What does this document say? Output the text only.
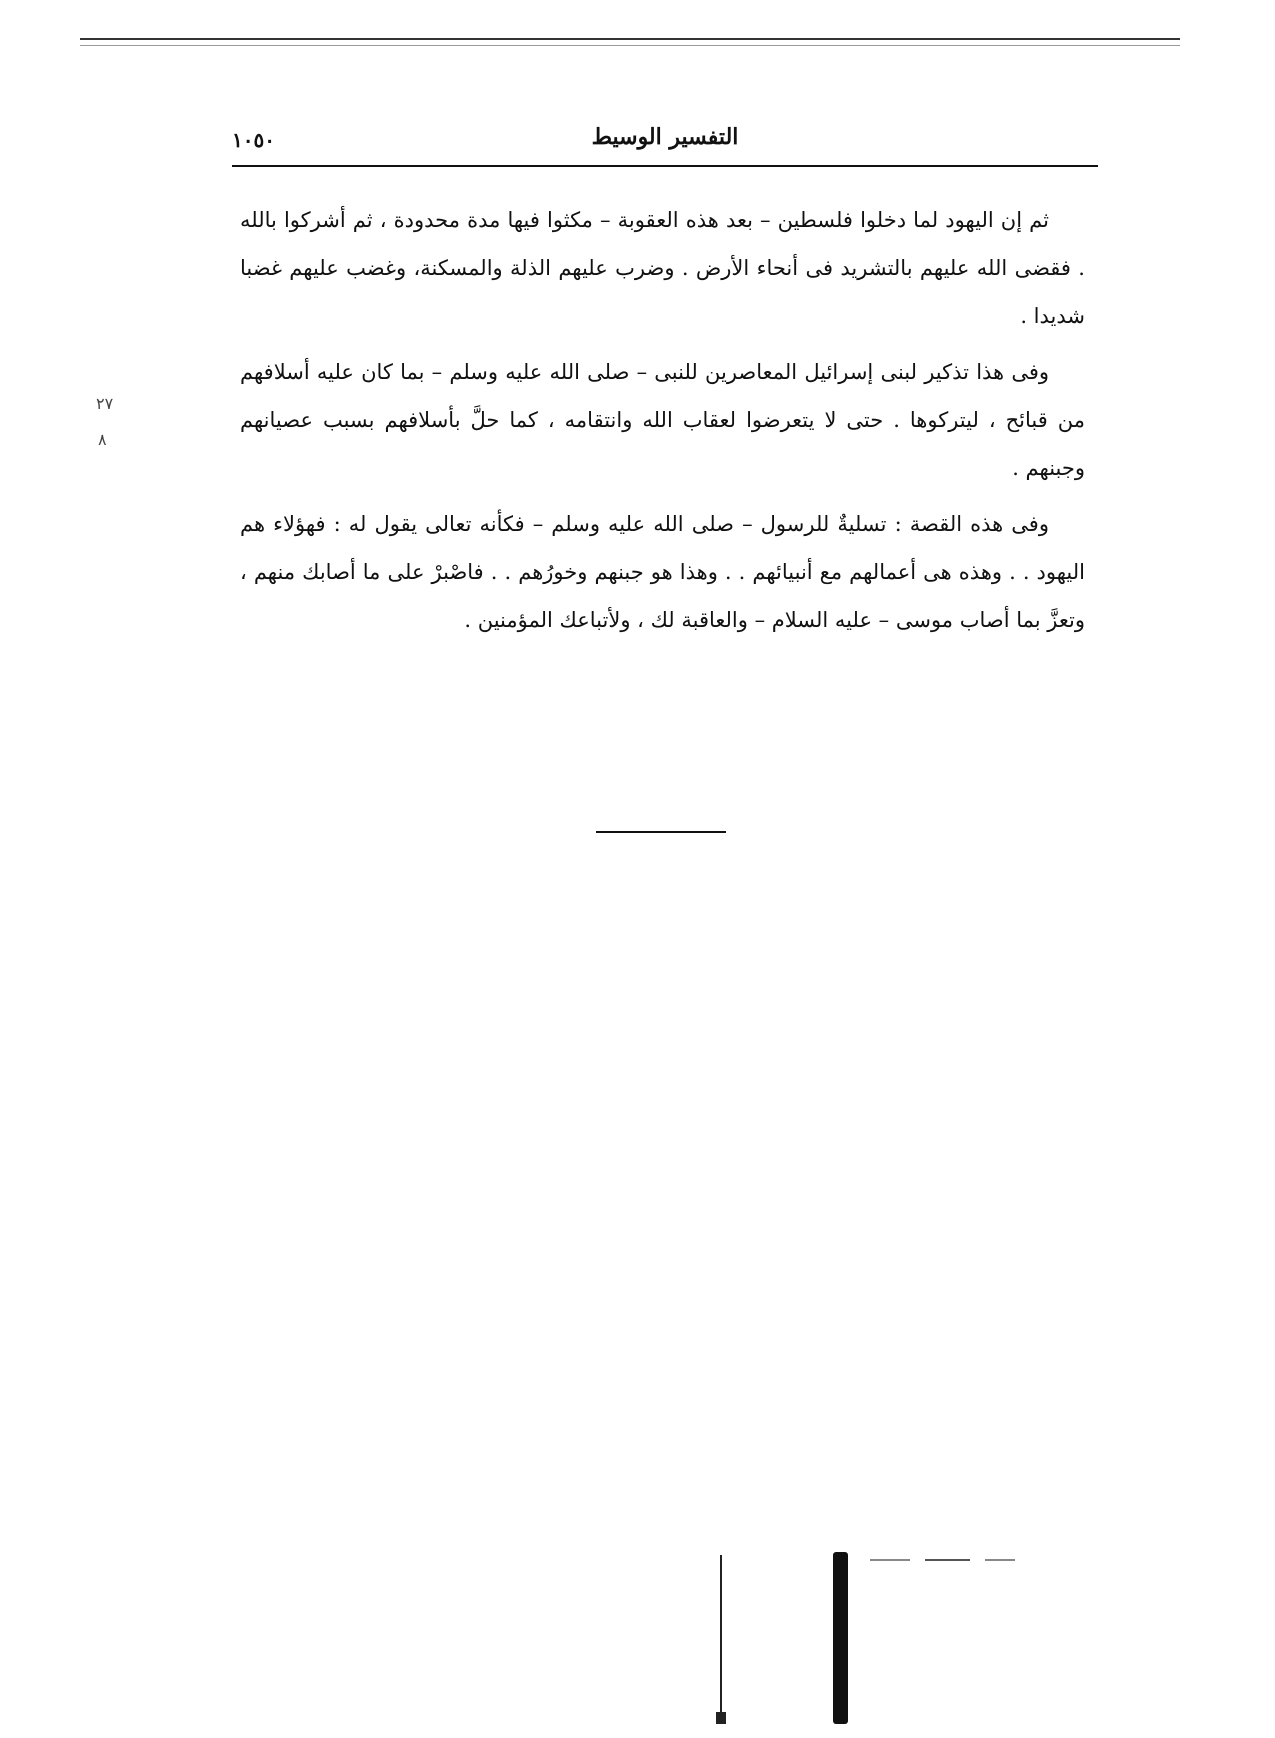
التفسير الوسيط
١٠٥٠

ثم إن اليهود لما دخلوا فلسطين – بعد هذه العقوبة – مكثوا فيها مدة محدودة ، ثم أشركوا بالله . فقضى الله عليهم بالتشريد فى أنحاء الأرض . وضرب عليهم الذلة والمسكنة، وغضب عليهم غضبا شديدا .

وفى هذا تذكير لبنى إسرائيل المعاصرين للنبى – صلى الله عليه وسلم – بما كان عليه أسلافهم من قبائح ، ليتركوها . حتى لا يتعرضوا لعقاب الله وانتقامه ، كما حلَّ بأسلافهم بسبب عصيانهم وجبنهم .

وفى هذه القصة : تسليةٌ للرسول – صلى الله عليه وسلم – فكأنه تعالى يقول له : فهؤلاء هم اليهود . . وهذه هى أعمالهم مع أنبيائهم . . وهذا هو جبنهم وخورُهم . . فاصْبرْ على ما أصابك منهم ، وتعزَّ بما أصاب موسى – عليه السلام – والعاقبة لك ، ولأتباعك المؤمنين .

٢٧
٨
